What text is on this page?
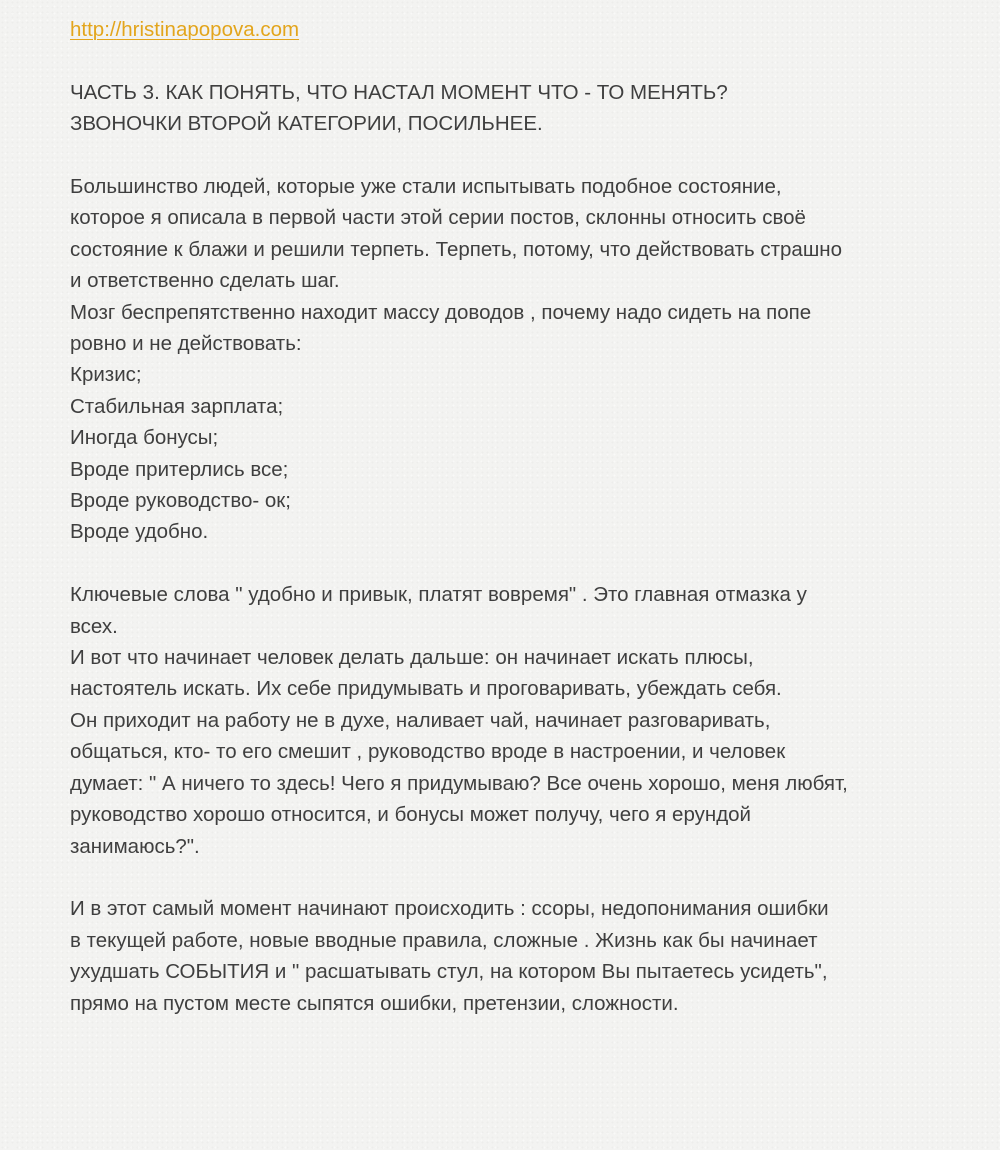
http://hristinapopova.com
ЧАСТЬ 3. КАК ПОНЯТЬ, ЧТО НАСТАЛ МОМЕНТ ЧТО - ТО МЕНЯТЬ?
ЗВОНОЧКИ ВТОРОЙ КАТЕГОРИИ, ПОСИЛЬНЕЕ.
Большинство людей, которые уже стали испытывать подобное состояние,
которое я описала в первой части этой серии постов, склонны относить своё
состояние к блажи и решили терпеть. Терпеть, потому, что действовать страшно
и ответственно сделать шаг.
Мозг беспрепятственно находит массу доводов , почему надо сидеть на попе
ровно и не действовать:
Кризис;
Стабильная зарплата;
Иногда бонусы;
Вроде притерлись все;
Вроде руководство- ок;
Вроде удобно.
Ключевые слова " удобно и привык, платят вовремя" . Это главная отмазка у
всех.
И вот что начинает человек делать дальше: он начинает искать плюсы,
настоятель искать. Их себе придумывать и проговаривать, убеждать себя.
Он приходит на работу не в духе, наливает чай, начинает разговаривать,
общаться, кто- то его смешит , руководство вроде в настроении, и человек
думает: " А ничего то здесь! Чего я придумываю? Все очень хорошо, меня любят,
руководство хорошо относится, и бонусы может получу, чего я ерундой
занимаюсь?".
И в этот самый момент начинают происходить : ссоры, недопонимания ошибки
в текущей работе, новые вводные правила, сложные . Жизнь как бы начинает
ухудшать СОБЫТИЯ и " расшатывать стул, на котором Вы пытаетесь усидеть",
прямо на пустом месте сыпятся ошибки, претензии, сложности.
